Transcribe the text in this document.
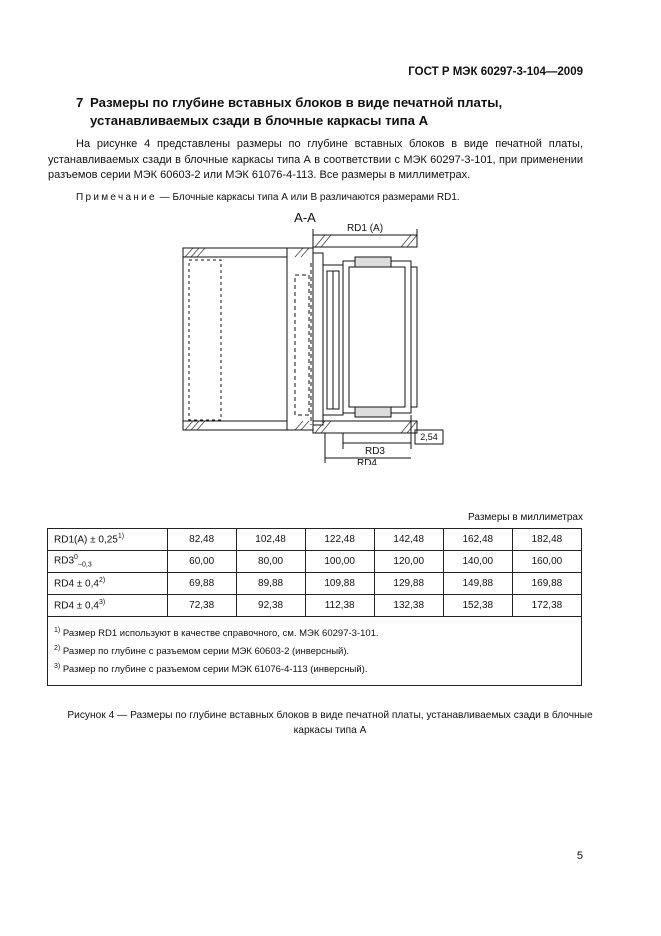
ГОСТ Р МЭК 60297-3-104—2009
7 Размеры по глубине вставных блоков в виде печатной платы,
устанавливаемых сзади в блочные каркасы типа А
На рисунке 4 представлены размеры по глубине вставных блоков в виде печатной платы, устанавливаемых сзади в блочные каркасы типа А в соответствии с МЭК 60297-3-101, при применении разъемов серии МЭК 60603-2 или МЭК 61076-4-113. Все размеры в миллиметрах.
Примечание — Блочные каркасы типа А или В различаются размерами RD1.
А-А
RD1 (A)
RD3
RD4
2,54
Размеры в миллиметрах
$RD1(A) \pm 0,25^{1)}$	82,48	102,48	122,48	142,48	162,48	182,48
$RD3^0_{-0,3}$	60,00	80,00	100,00	120,00	140,00	160,00
$RD4 \pm 0,4^{2)}$	69,88	89,88	109,88	129,88	149,88	169,88
$RD4 \pm 0,4^{3)}$	72,38	92,38	112,38	132,38	152,38	172,38

$^{1)}$ Размер RD1 используют в качестве справочного, см. МЭК 60297-3-101.
$^{2)}$ Размер по глубине с разъемом серии МЭК 60603-2 (инверсный).
$^{3)}$ Размер по глубине с разъемом серии МЭК 61076-4-113 (инверсный).						
Рисунок 4 — Размеры по глубине вставных блоков в виде печатной платы, устанавливаемых сзади в блочные
каркасы типа А
5
